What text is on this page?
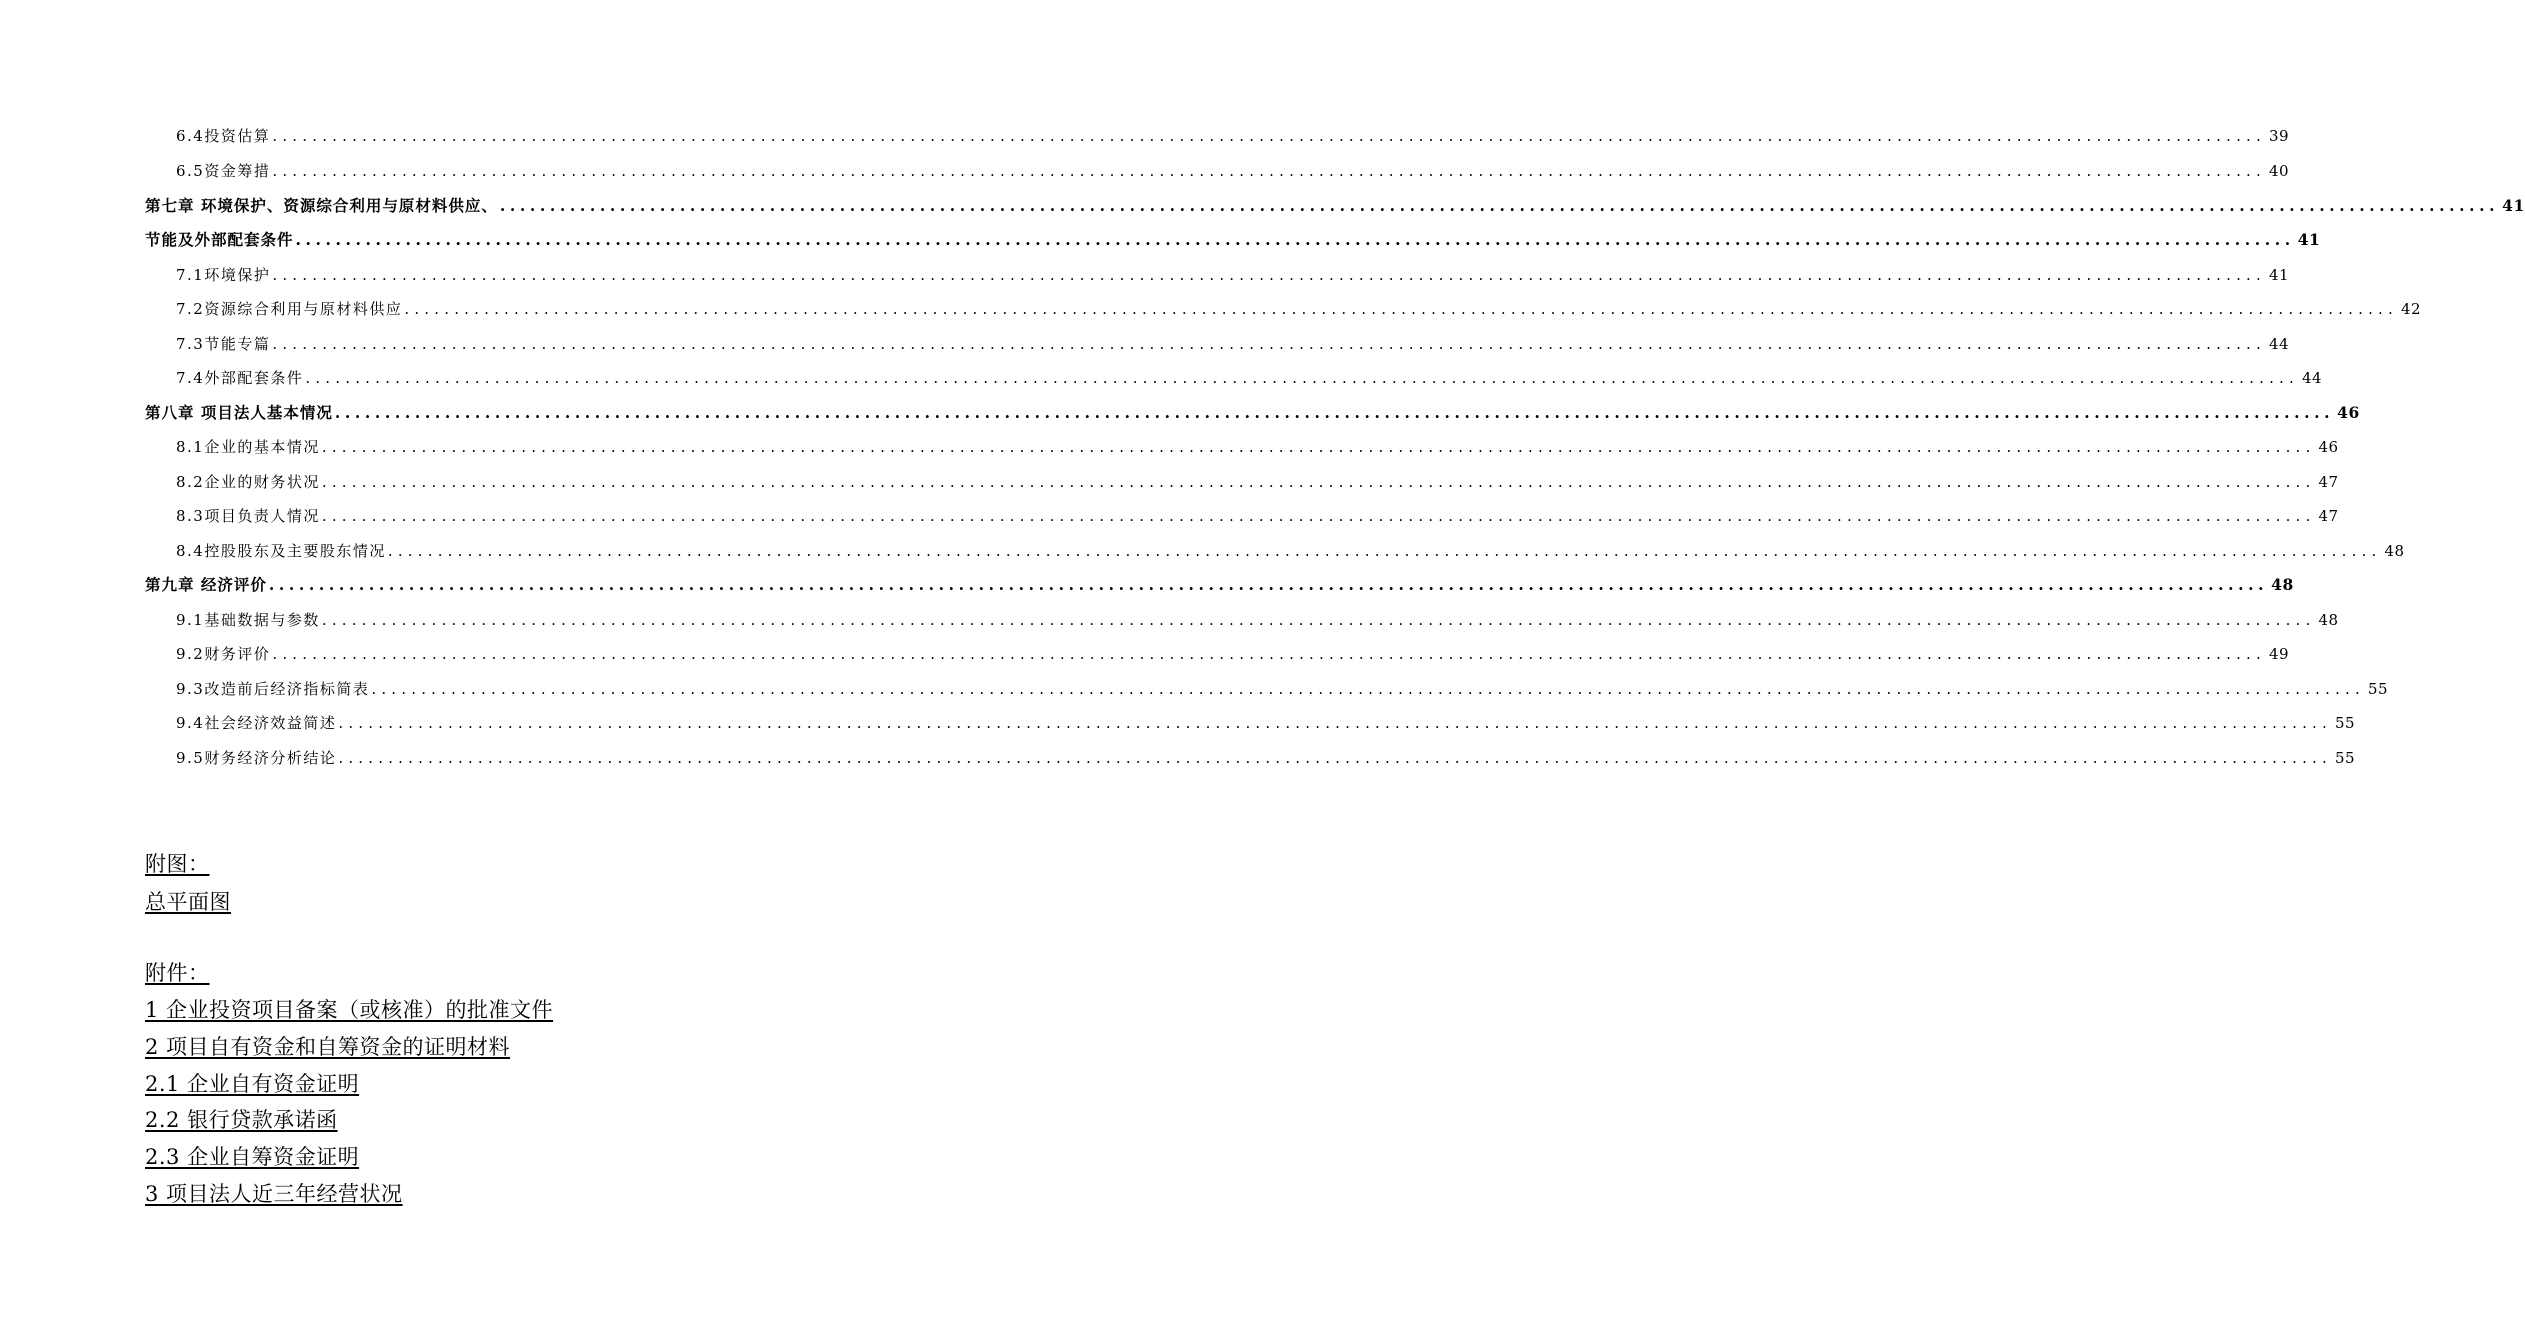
6.4投资估算 ........................................................................................................................................................................................................ 39
6.5资金筹措 ........................................................................................................................................................................................................ 40
第七章 环境保护、资源综合利用与原材料供应、 ........................................................................................................................................................................................................ 41
节能及外部配套条件 ........................................................................................................................................................................................................ 41
7.1环境保护 ........................................................................................................................................................................................................ 41
7.2资源综合利用与原材料供应 ........................................................................................................................................................................................................ 42
7.3节能专篇 ........................................................................................................................................................................................................ 44
7.4外部配套条件 ........................................................................................................................................................................................................ 44
第八章 项目法人基本情况 ........................................................................................................................................................................................................ 46
8.1企业的基本情况 ........................................................................................................................................................................................................ 46
8.2企业的财务状况 ........................................................................................................................................................................................................ 47
8.3项目负责人情况 ........................................................................................................................................................................................................ 47
8.4控股股东及主要股东情况 ........................................................................................................................................................................................................ 48
第九章 经济评价 ........................................................................................................................................................................................................ 48
9.1基础数据与参数 ........................................................................................................................................................................................................ 48
9.2财务评价 ........................................................................................................................................................................................................ 49
9.3改造前后经济指标简表 ........................................................................................................................................................................................................ 55
9.4社会经济效益简述 ........................................................................................................................................................................................................ 55
9.5财务经济分析结论 ........................................................................................................................................................................................................ 55
附图：
总平面图
附件：
1 企业投资项目备案（或核准）的批准文件
2 项目自有资金和自筹资金的证明材料
2.1 企业自有资金证明
2.2 银行贷款承诺函
2.3 企业自筹资金证明
3 项目法人近三年经营状况
